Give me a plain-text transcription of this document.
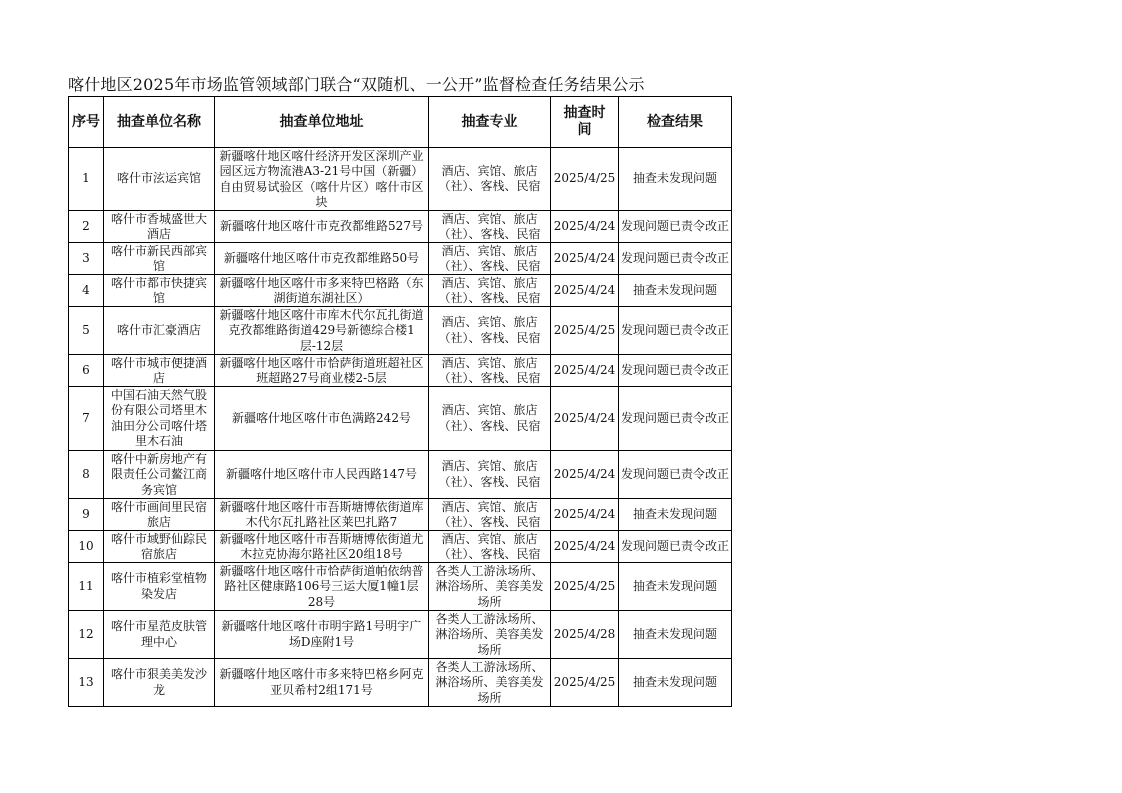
喀什地区2025年市场监管领域部门联合“双随机、一公开”监督检查任务结果公示
序号	抽查单位名称	抽查单位地址	抽查专业	抽查时间	检查结果

1	喀什市泫运宾馆	新疆喀什地区喀什经济开发区深圳产业园区远方物流港A3-21号中国（新疆）自由贸易试验区（喀什片区）喀什市区块	酒店、宾馆、旅店（社）、客栈、民宿	2025/4/25	抽查未发现问题

2	喀什市香城盛世大酒店	新疆喀什地区喀什市克孜都维路527号	酒店、宾馆、旅店（社）、客栈、民宿	2025/4/24	发现问题已责令改正

3	喀什市新民西部宾馆	新疆喀什地区喀什市克孜都维路50号	酒店、宾馆、旅店（社）、客栈、民宿	2025/4/24	发现问题已责令改正

4	喀什市都市快捷宾馆	新疆喀什地区喀什市多来特巴格路（东湖街道东湖社区）	酒店、宾馆、旅店（社）、客栈、民宿	2025/4/24	抽查未发现问题

5	喀什市汇豪酒店	新疆喀什地区喀什市库木代尔瓦扎街道克孜都维路街道429号新德综合楼1层-12层	酒店、宾馆、旅店（社）、客栈、民宿	2025/4/25	发现问题已责令改正

6	喀什市城市便捷酒店	新疆喀什地区喀什市恰萨街道班超社区班超路27号商业楼2-5层	酒店、宾馆、旅店（社）、客栈、民宿	2025/4/24	发现问题已责令改正

7	中国石油天然气股份有限公司塔里木油田分公司喀什塔里木石油	新疆喀什地区喀什市色满路242号	酒店、宾馆、旅店（社）、客栈、民宿	2025/4/24	发现问题已责令改正

8	喀什中新房地产有限责任公司鳌江商务宾馆	新疆喀什地区喀什市人民西路147号	酒店、宾馆、旅店（社）、客栈、民宿	2025/4/24	发现问题已责令改正

9	喀什市画间里民宿旅店	新疆喀什地区喀什市吾斯塘博依街道库木代尔瓦扎路社区莱巴扎路7	酒店、宾馆、旅店（社）、客栈、民宿	2025/4/24	抽查未发现问题

10	喀什市域野仙踪民宿旅店	新疆喀什地区喀什市吾斯塘博依街道尤木拉克协海尔路社区20组18号	酒店、宾馆、旅店（社）、客栈、民宿	2025/4/24	发现问题已责令改正

11	喀什市植彩堂植物染发店	新疆喀什地区喀什市恰萨街道帕依纳普路社区健康路106号三运大厦1幢1层28号	各类人工游泳场所、淋浴场所、美容美发场所	2025/4/25	抽查未发现问题

12	喀什市星范皮肤管理中心	新疆喀什地区喀什市明宇路1号明宇广场D座附1号	各类人工游泳场所、淋浴场所、美容美发场所	2025/4/28	抽查未发现问题

13	喀什市狠美美发沙龙	新疆喀什地区喀什市多来特巴格乡阿克亚贝希村2组171号	各类人工游泳场所、淋浴场所、美容美发场所	2025/4/25	抽查未发现问题
